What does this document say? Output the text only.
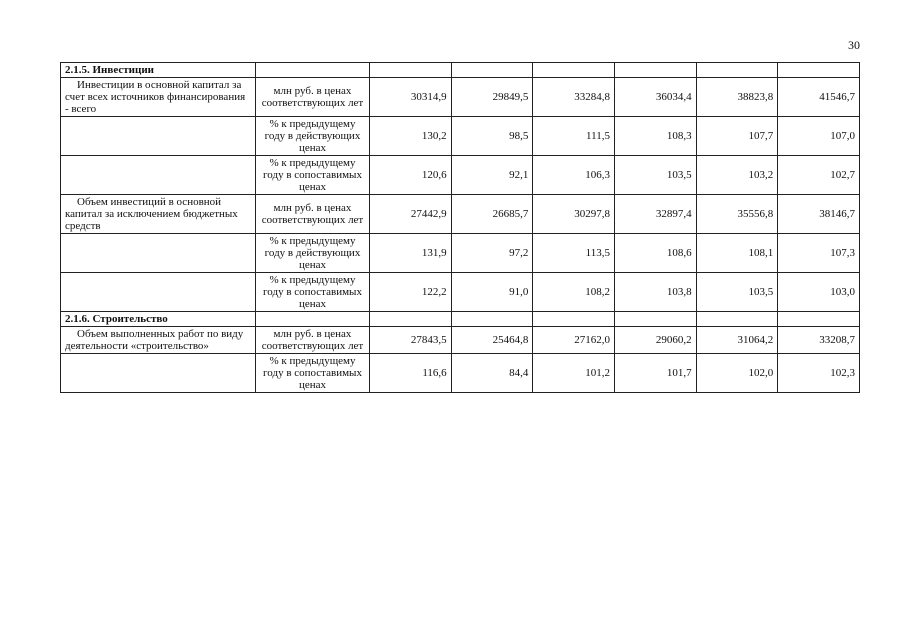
30
2.1.5. Инвестиции							

Инвестиции в основной капитал за счет всех источников финансирования - всего	млн руб. в ценах соответствующих лет	30314,9	29849,5	33284,8	36034,4	38823,8	41546,7

	% к предыдущему году в действующих ценах	130,2	98,5	111,5	108,3	107,7	107,0

	% к предыдущему году в сопоставимых ценах	120,6	92,1	106,3	103,5	103,2	102,7

Объем инвестиций в основной капитал за исключением бюджетных средств	млн руб. в ценах соответствующих лет	27442,9	26685,7	30297,8	32897,4	35556,8	38146,7

	% к предыдущему году в действующих ценах	131,9	97,2	113,5	108,6	108,1	107,3

	% к предыдущему году в сопоставимых ценах	122,2	91,0	108,2	103,8	103,5	103,0
2.1.6. Строительство							

Объем выполненных работ по виду деятельности «строительство»	млн руб. в ценах соответствующих лет	27843,5	25464,8	27162,0	29060,2	31064,2	33208,7

	% к предыдущему году в сопоставимых ценах	116,6	84,4	101,2	101,7	102,0	102,3
